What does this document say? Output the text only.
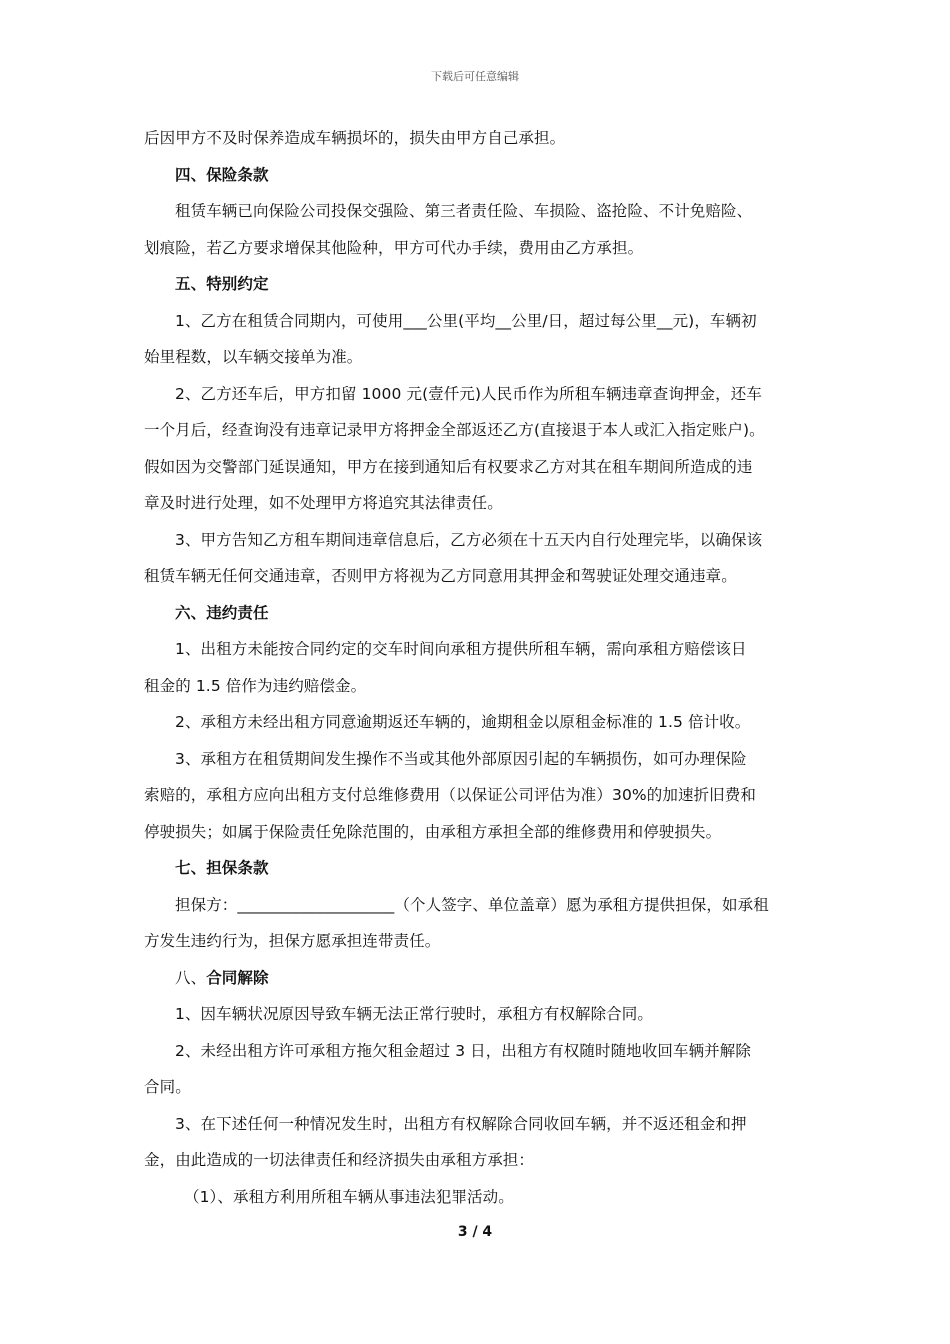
下载后可任意编辑
后因甲方不及时保养造成车辆损坏的，损失由甲方自己承担。
四、保险条款
租赁车辆已向保险公司投保交强险、第三者责任险、车损险、盗抢险、不计免赔险、
划痕险，若乙方要求增保其他险种，甲方可代办手续，费用由乙方承担。
五、特别约定
1、乙方在租赁合同期内，可使用___公里(平均__公里/日，超过每公里__元)，车辆初
始里程数，以车辆交接单为准。
2、乙方还车后，甲方扣留 1000 元(壹仟元)人民币作为所租车辆违章查询押金，还车
一个月后，经查询没有违章记录甲方将押金全部返还乙方(直接退于本人或汇入指定账户)。
假如因为交警部门延误通知，甲方在接到通知后有权要求乙方对其在租车期间所造成的违
章及时进行处理，如不处理甲方将追究其法律责任。
3、甲方告知乙方租车期间违章信息后，乙方必须在十五天内自行处理完毕，以确保该
租赁车辆无任何交通违章，否则甲方将视为乙方同意用其押金和驾驶证处理交通违章。
六、违约责任
1、出租方未能按合同约定的交车时间向承租方提供所租车辆，需向承租方赔偿该日
租金的 1.5 倍作为违约赔偿金。
2、承租方未经出租方同意逾期返还车辆的，逾期租金以原租金标准的 1.5 倍计收。
3、承租方在租赁期间发生操作不当或其他外部原因引起的车辆损伤，如可办理保险
索赔的，承租方应向出租方支付总维修费用（以保证公司评估为准）30%的加速折旧费和
停驶损失；如属于保险责任免除范围的，由承租方承担全部的维修费用和停驶损失。
七、担保条款
担保方：____________________（个人签字、单位盖章）愿为承租方提供担保，如承租
方发生违约行为，担保方愿承担连带责任。
八、合同解除
1、因车辆状况原因导致车辆无法正常行驶时，承租方有权解除合同。
2、未经出租方许可承租方拖欠租金超过 3 日，出租方有权随时随地收回车辆并解除
合同。
3、在下述任何一种情况发生时，出租方有权解除合同收回车辆，并不返还租金和押
金，由此造成的一切法律责任和经济损失由承租方承担：
（1）、承租方利用所租车辆从事违法犯罪活动。
3 / 4
